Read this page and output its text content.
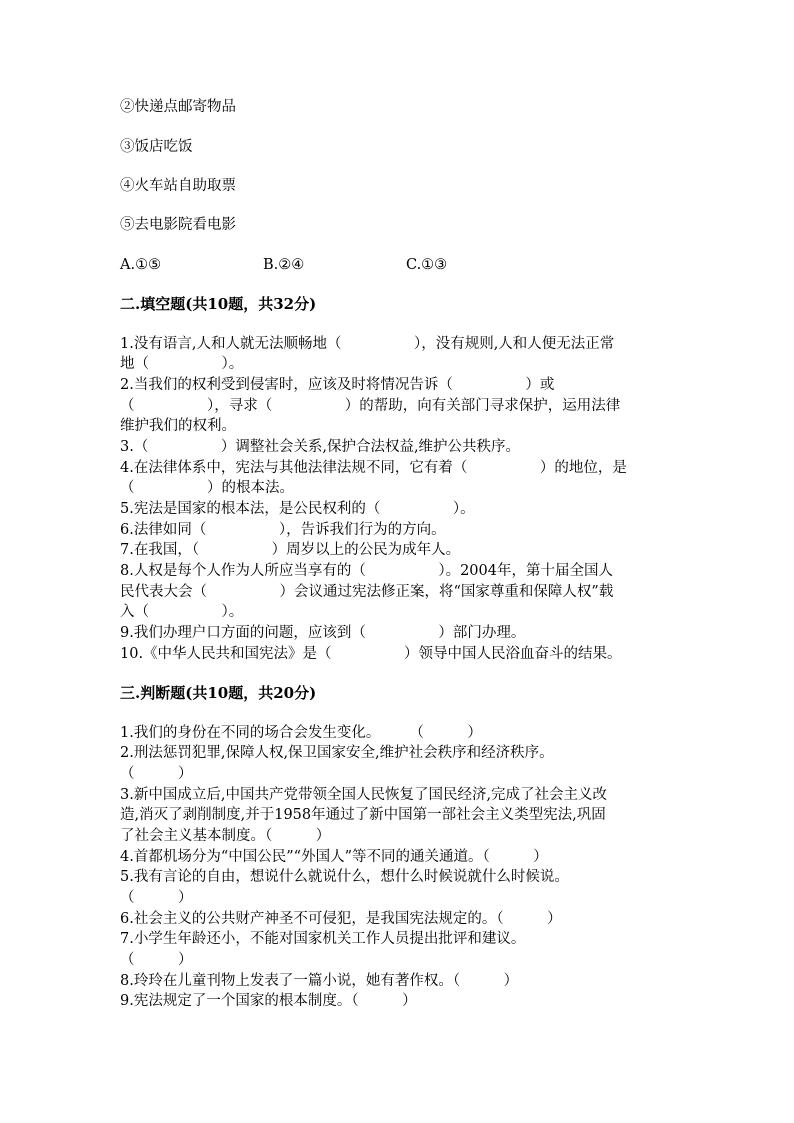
②快递点邮寄物品

③饭店吃饭

④火车站自助取票

⑤去电影院看电影

A.①⑤	B.②④	C.①③

二.填空题(共10题，共32分)

1.没有语言,人和人就无法顺畅地（　　　　　），没有规则,人和人便无法正常

地（　　　　　）。

2.当我们的权利受到侵害时，应该及时将情况告诉（　　　　　）或

（　　　　　），寻求（　　　　　）的帮助，向有关部门寻求保护，运用法律

维护我们的权利。

3.（　　　　　）调整社会关系,保护合法权益,维护公共秩序。

4.在法律体系中，宪法与其他法律法规不同，它有着（　　　　　）的地位，是

（　　　　　）的根本法。

5.宪法是国家的根本法，是公民权利的（　　　　　）。

6.法律如同（　　　　　），告诉我们行为的方向。

7.在我国，（　　　　　）周岁以上的公民为成年人。

8.人权是每个人作为人所应当享有的（　　　　　）。2004年，第十届全国人

民代表大会（　　　　　）会议通过宪法修正案，将“国家尊重和保障人权”载

入（　　　　　）。

9.我们办理户口方面的问题，应该到（　　　　　）部门办理。

10.《中华人民共和国宪法》是（　　　　　）领导中国人民浴血奋斗的结果。

三.判断题(共10题，共20分)

1.我们的身份在不同的场合会发生变化。　　　（　　　）

2.刑法惩罚犯罪,保障人权,保卫国家安全,维护社会秩序和经济秩序。

（　　　）

3.新中国成立后,中国共产党带领全国人民恢复了国民经济,完成了社会主义改

造,消灭了剥削制度,并于1958年通过了新中国第一部社会主义类型宪法,巩固

了社会主义基本制度。（　　　）

4.首都机场分为“中国公民”“外国人”等不同的通关通道。（　　　）

5.我有言论的自由，想说什么就说什么，想什么时候说就什么时候说。

（　　　）

6.社会主义的公共财产神圣不可侵犯，是我国宪法规定的。（　　　）

7.小学生年龄还小，不能对国家机关工作人员提出批评和建议。

（　　　）

8.玲玲在儿童刊物上发表了一篇小说，她有著作权。（　　　）

9.宪法规定了一个国家的根本制度。（　　　）
